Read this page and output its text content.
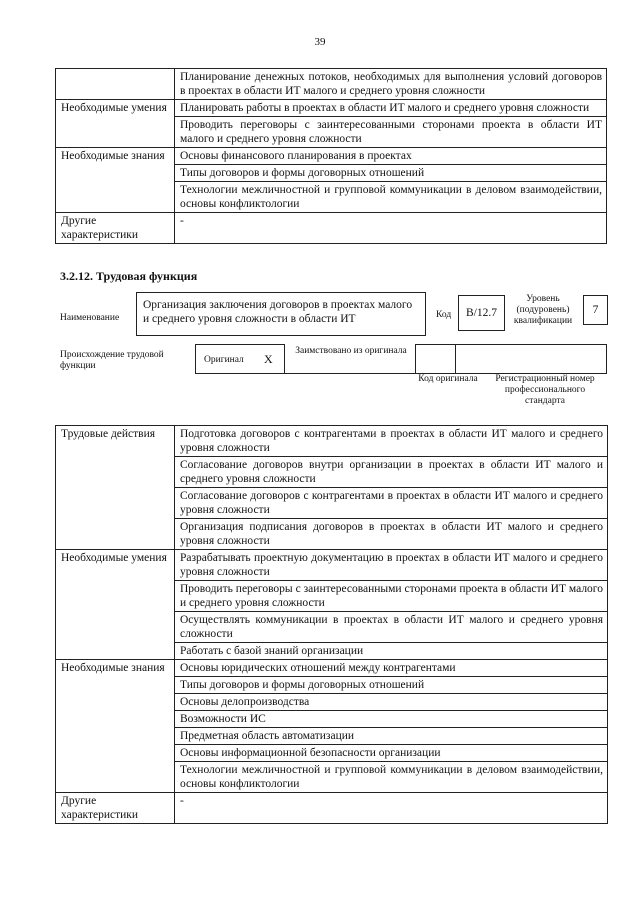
39
	Планирование денежных потоков, необходимых для выполнения условий договоров в проектах в области ИТ малого и среднего уровня сложности
Необходимые умения	Планировать работы в проектах в области ИТ малого и среднего уровня сложности
	Проводить переговоры с заинтересованными сторонами проекта в области ИТ малого и среднего уровня сложности
Необходимые знания	Основы финансового планирования в проектах
	Типы договоров и формы договорных отношений
	Технологии межличностной и групповой коммуникации в деловом взаимодействии, основы конфликтологии
Другие характеристики	-
3.2.12. Трудовая функция
Наименование
Организация заключения договоров в проектах малого и среднего уровня сложности в области ИТ	Код	B/12.7
Уровень (подуровень) квалификации
7
Происхождение трудовой функции
Оригинал X
Заимствовано из оригинала
Код оригинала	Регистрационный номер профессионального стандарта
Трудовые действия	Подготовка договоров с контрагентами в проектах в области ИТ малого и среднего уровня сложности
	Согласование договоров внутри организации в проектах в области ИТ малого и среднего уровня сложности
	Согласование договоров с контрагентами в проектах в области ИТ малого и среднего уровня сложности
	Организация подписания договоров в проектах в области ИТ малого и среднего уровня сложности
Необходимые умения	Разрабатывать проектную документацию в проектах в области ИТ малого и среднего уровня сложности
	Проводить переговоры с заинтересованными сторонами проекта в области ИТ малого и среднего уровня сложности
	Осуществлять коммуникации в проектах в области ИТ малого и среднего уровня сложности
	Работать с базой знаний организации
Необходимые знания	Основы юридических отношений между контрагентами
	Типы договоров и формы договорных отношений
	Основы делопроизводства
	Возможности ИС
	Предметная область автоматизации
	Основы информационной безопасности организации
	Технологии межличностной и групповой коммуникации в деловом взаимодействии, основы конфликтологии
Другие характеристики	-
